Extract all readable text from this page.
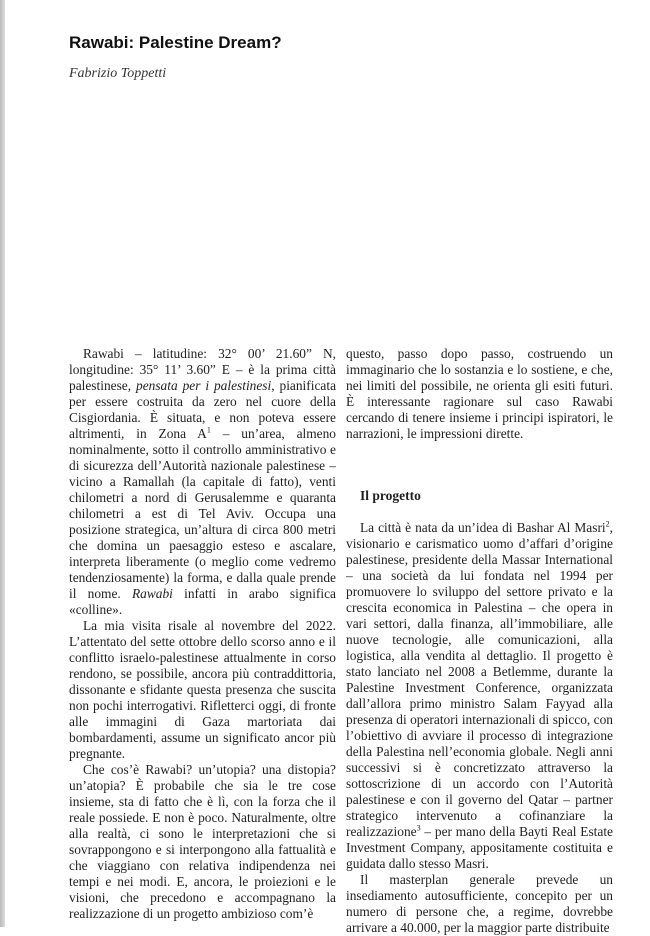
Rawabi: Palestine Dream?
Fabrizio Toppetti

Rawabi – latitudine: 32° 00’ 21.60” N, longitudine: 35° 11’ 3.60” E – è la prima città palestinese, pensata per i palestinesi, pianificata per essere costruita da zero nel cuore della Cisgiordania. È situata, e non poteva essere altrimenti, in Zona $A^1$ – un’area, almeno nominalmente, sotto il controllo amministrativo e di sicurezza dell’Autorità nazionale palestinese – vicino a Ramallah (la capitale di fatto), venti chilometri a nord di Gerusalemme e quaranta chilometri a est di Tel Aviv. Occupa una posizione strategica, un’altura di circa 800 metri che domina un paesaggio esteso e ascalare, interpreta liberamente (o meglio come vedremo tendenziosamente) la forma, e dalla quale prende il nome. Rawabi infatti in arabo significa «colline».

La mia visita risale al novembre del 2022. L’attentato del sette ottobre dello scorso anno e il conflitto israelo-palestinese attualmente in corso rendono, se possibile, ancora più contraddittoria, dissonante e sfidante questa presenza che suscita non pochi interrogativi. Rifletterci oggi, di fronte alle immagini di Gaza martoriata dai bombardamenti, assume un significato ancor più pregnante.

Che cos’è Rawabi? un’utopia? una distopia? un’atopia? È probabile che sia le tre cose insieme, sta di fatto che è lì, con la forza che il reale possiede. E non è poco. Naturalmente, oltre alla realtà, ci sono le interpretazioni che si sovrappongono e si interpongono alla fattualità e che viaggiano con relativa indipendenza nei tempi e nei modi. E, ancora, le proiezioni e le visioni, che precedono e accompagnano la realizzazione di un progetto ambizioso com’è

questo, passo dopo passo, costruendo un immaginario che lo sostanzia e lo sostiene, e che, nei limiti del possibile, ne orienta gli esiti futuri. È interessante ragionare sul caso Rawabi cercando di tenere insieme i principi ispiratori, le narrazioni, le impressioni dirette.

Il progetto

La città è nata da un’idea di Bashar Al Masri$^2$, visionario e carismatico uomo d’affari d’origine palestinese, presidente della Massar International – una società da lui fondata nel 1994 per promuovere lo sviluppo del settore privato e la crescita economica in Palestina – che opera in vari settori, dalla finanza, all’immobiliare, alle nuove tecnologie, alle comunicazioni, alla logistica, alla vendita al dettaglio. Il progetto è stato lanciato nel 2008 a Betlemme, durante la Palestine Investment Conference, organizzata dall’allora primo ministro Salam Fayyad alla presenza di operatori internazionali di spicco, con l’obiettivo di avviare il processo di integrazione della Palestina nell’economia globale. Negli anni successivi si è concretizzato attraverso la sottoscrizione di un accordo con l’Autorità palestinese e con il governo del Qatar – partner strategico intervenuto a cofinanziare la realizzazione$^3$ – per mano della Bayti Real Estate Investment Company, appositamente costituita e guidata dallo stesso Masri.

Il masterplan generale prevede un insediamento autosufficiente, concepito per un numero di persone che, a regime, dovrebbe arrivare a 40.000, per la maggior parte distribuite
